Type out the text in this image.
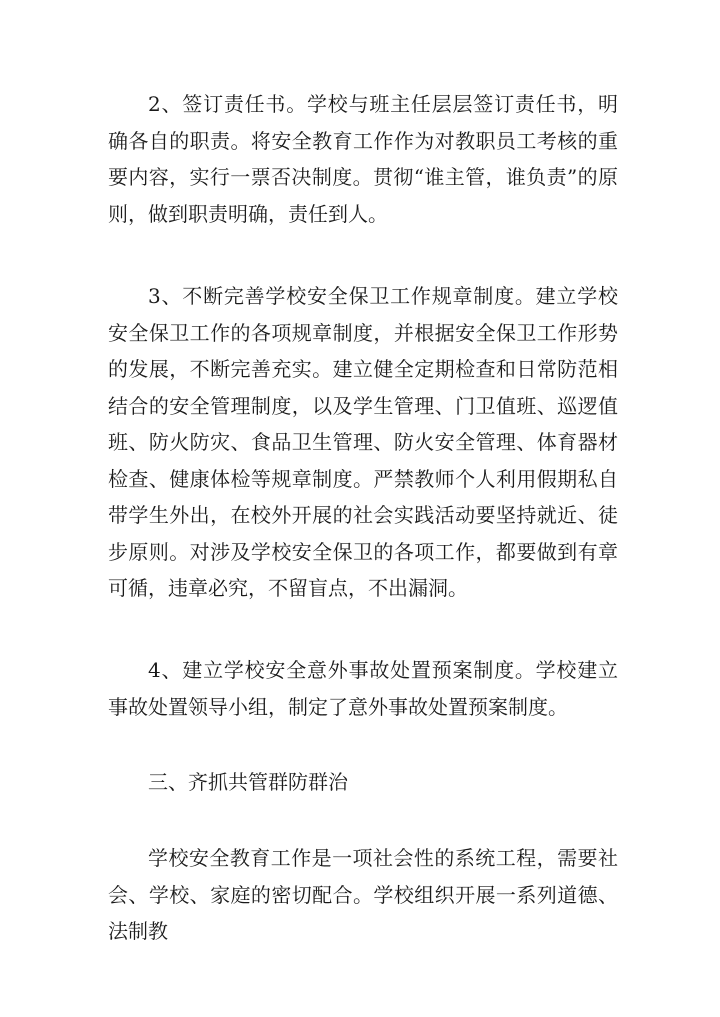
2、签订责任书。学校与班主任层层签订责任书，明确各自的职责。将安全教育工作作为对教职员工考核的重要内容，实行一票否决制度。贯彻“谁主管，谁负责”的原则，做到职责明确，责任到人。

3、不断完善学校安全保卫工作规章制度。建立学校安全保卫工作的各项规章制度，并根据安全保卫工作形势的发展，不断完善充实。建立健全定期检查和日常防范相结合的安全管理制度，以及学生管理、门卫值班、巡逻值班、防火防灾、食品卫生管理、防火安全管理、体育器材检查、健康体检等规章制度。严禁教师个人利用假期私自带学生外出，在校外开展的社会实践活动要坚持就近、徒步原则。对涉及学校安全保卫的各项工作，都要做到有章可循，违章必究，不留盲点，不出漏洞。

4、建立学校安全意外事故处置预案制度。学校建立事故处置领导小组，制定了意外事故处置预案制度。

三、齐抓共管群防群治

学校安全教育工作是一项社会性的系统工程，需要社会、学校、家庭的密切配合。学校组织开展一系列道德、法制教
